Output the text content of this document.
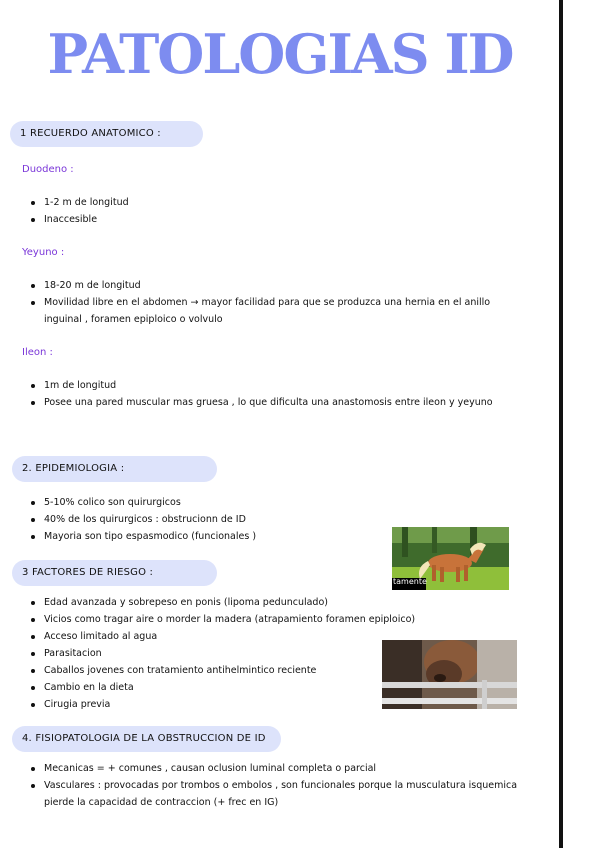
PATOLOGIAS ID
1 RECUERDO ANATOMICO :
Duodeno :
1-2 m de longitud
Inaccesible
Yeyuno :
18-20 m de longitud
Movilidad libre en el abdomen → mayor facilidad para que se produzca una hernia en el anillo inguinal , foramen epiploico o volvulo
Ileon :
1m de longitud
Posee una pared muscular mas gruesa , lo que dificulta una anastomosis entre ileon y yeyuno
2. EPIDEMIOLOGIA :
5-10% colico son quirurgicos
40% de los quirurgicos : obstrucionn de ID
Mayoria son tipo espasmodico (funcionales )
tamente
3 FACTORES DE RIESGO :
Edad avanzada y sobrepeso en ponis (lipoma pedunculado)
Vicios como tragar aire o morder la madera (atrapamiento foramen epiploico)
Acceso limitado al agua
Parasitacion
Caballos jovenes con tratamiento antihelmintico reciente
Cambio en la dieta
Cirugia previa
4. FISIOPATOLOGIA DE LA OBSTRUCCION DE ID
Mecanicas = + comunes , causan oclusion luminal completa o parcial
Vasculares : provocadas por trombos o embolos , son funcionales porque la musculatura isquemica pierde la capacidad de contraccion (+ frec en IG)
